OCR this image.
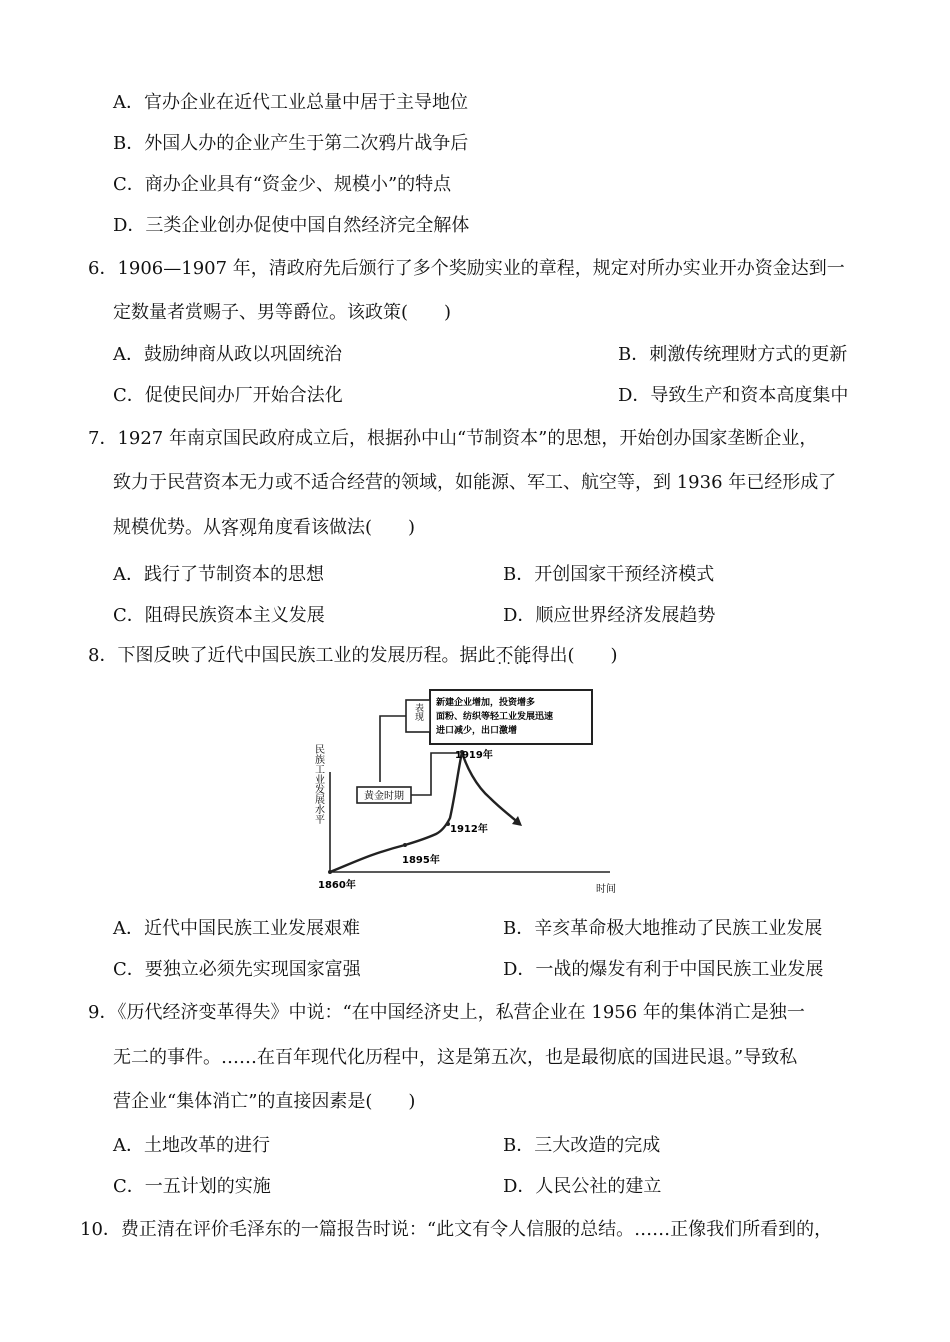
A．官办企业在近代工业总量中居于主导地位
B．外国人办的企业产生于第二次鸦片战争后
C．商办企业具有“资金少、规模小”的特点
D．三类企业创办促使中国自然经济完全解体
6．1906—1907 年，清政府先后颁行了多个奖励实业的章程，规定对所办实业开办资金达到一
定数量者赏赐子、男等爵位。该政策(　　)
A．鼓励绅商从政以巩固统治	B．刺激传统理财方式的更新
C．促使民间办厂开始合法化	D．导致生产和资本高度集中
7．1927 年南京国民政府成立后，根据孙中山“节制资本”的思想，开始创办国家垄断企业，
致力于民营资本无力或不适合经营的领域，如能源、军工、航空等，到 1936 年已经形成了
规模优势。从客观角度 · · · ·看该做法(　　)
A．践行了节制资本的思想	B．开创国家干预经济模式
C．阻碍民族资本主义发展	D．顺应世界经济发展趋势
8．下图反映了近代中国民族工业的发展历程。据此不能得出 · · · ·(　　)
表现 新建企业增加，投资增多
面粉、纺织等轻工业发展迅速
进口减少，出口激增
黄金时期
民族工业发展水平
时间
1860年
1895年
1912年
1919年
A．近代中国民族工业发展艰难	B．辛亥革命极大地推动了民族工业发展
C．要独立必须先实现国家富强	D．一战的爆发有利于中国民族工业发展
9．《历代经济变革得失》中说：“在中国经济史上，私营企业在 1956 年的集体消亡是独一
无二的事件。……在百年现代化历程中，这是第五次，也是最彻底的国进民退。”导致私
营企业“集体消亡”的直接因素是(　　)
A．土地改革的进行	B．三大改造的完成
C．一五计划的实施	D．人民公社的建立
10．费正清在评价毛泽东的一篇报告时说：“此文有令人信服的总结。……正像我们所看到的，
